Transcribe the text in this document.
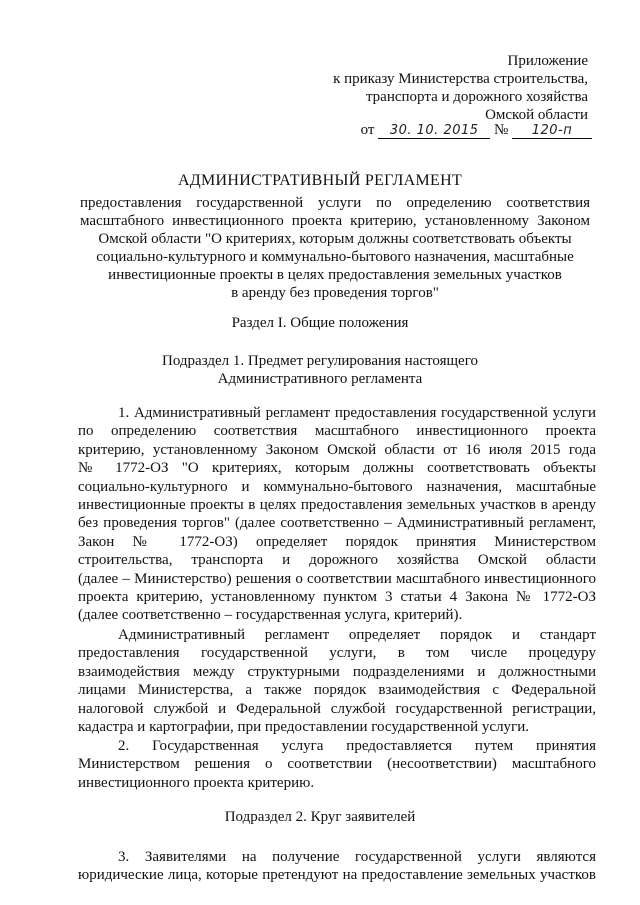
Приложение
к приказу Министерства строительства,
транспорта и дорожного хозяйства
Омской области
от 30. 10. 2015 № 120-п
АДМИНИСТРАТИВНЫЙ РЕГЛАМЕНТ
предоставления государственной услуги по определению соответствия
масштабного инвестиционного проекта критерию, установленному Законом
Омской области "О критериях, которым должны соответствовать объекты
социально-культурного и коммунально-бытового назначения, масштабные
инвестиционные проекты в целях предоставления земельных участков
в аренду без проведения торгов"
Раздел I. Общие положения
Подраздел 1. Предмет регулирования настоящего
Административного регламента
1. Административный регламент предоставления государственной услуги
по определению соответствия масштабного инвестиционного проекта
критерию, установленному Законом Омской области от 16 июля 2015 года
№ 1772-ОЗ "О критериях, которым должны соответствовать объекты
социально-культурного и коммунально-бытового назначения, масштабные
инвестиционные проекты в целях предоставления земельных участков в аренду
без проведения торгов" (далее соответственно – Административный регламент,
Закон № 1772-ОЗ) определяет порядок принятия Министерством
строительства, транспорта и дорожного хозяйства Омской области
(далее – Министерство) решения о соответствии масштабного инвестиционного
проекта критерию, установленному пунктом 3 статьи 4 Закона № 1772-ОЗ
(далее соответственно – государственная услуга, критерий).
Административный регламент определяет порядок и стандарт
предоставления государственной услуги, в том числе процедуру
взаимодействия между структурными подразделениями и должностными
лицами Министерства, а также порядок взаимодействия с Федеральной
налоговой службой и Федеральной службой государственной регистрации,
кадастра и картографии, при предоставлении государственной услуги.
2. Государственная услуга предоставляется путем принятия
Министерством решения о соответствии (несоответствии) масштабного
инвестиционного проекта критерию.
Подраздел 2. Круг заявителей
3. Заявителями на получение государственной услуги являются
юридические лица, которые претендуют на предоставление земельных участков
